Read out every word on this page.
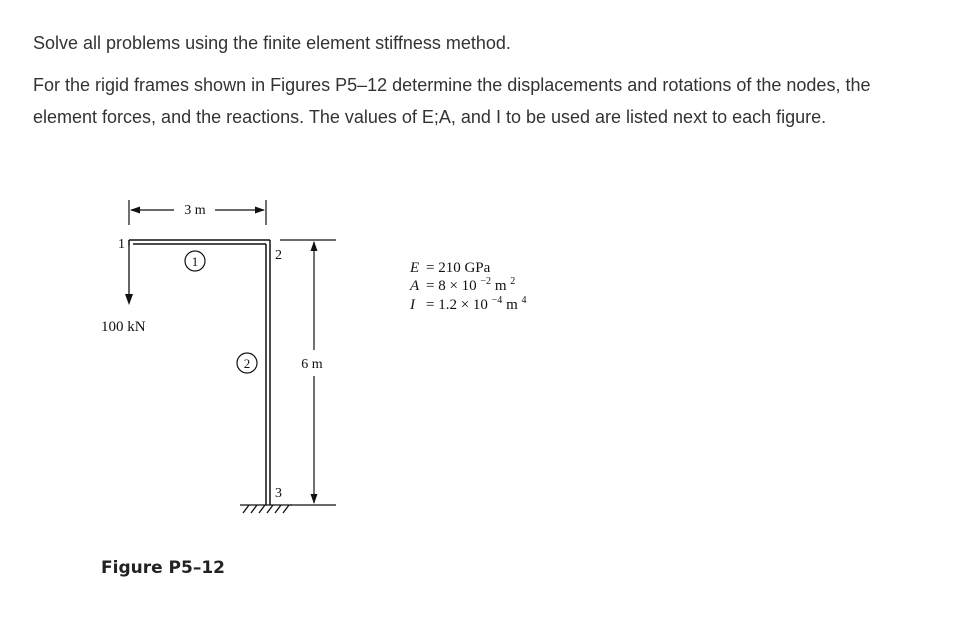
Solve all problems using the finite element stiffness method.

For the rigid frames shown in Figures P5–12 determine the displacements and rotations of the nodes, the element forces, and the reactions. The values of E;A, and I to be used are listed next to each figure.

3 m
100 kN
1
2
3
1
2	6 m
E = 210 GPa
A = 8 × 10 $^{-2}$ m $^2$
I = 1.2 × 10 $^{-4}$ m $^4$
Figure P5–12
